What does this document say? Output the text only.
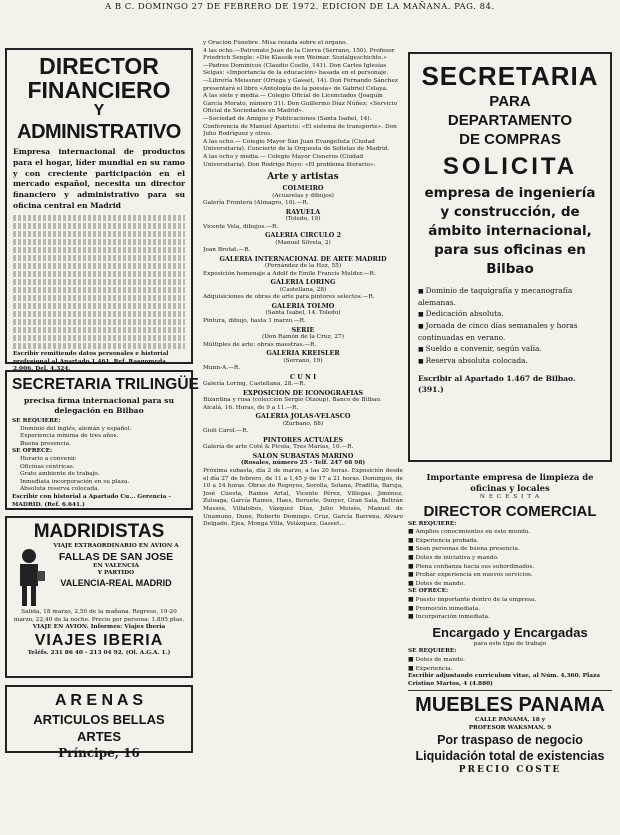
A B C. DOMINGO 27 DE FEBRERO DE 1972. EDICION DE LA MAÑANA. PAG. 84.
DIRECTOR
FINANCIERO
Y
ADMINISTRATIVO
Empresa internacional de productos para el hogar, líder mundial en su ramo y con creciente participación en el mercado español, necesita un director financiero y administrativo para su oficina central en Madrid
Escribir remitiendo datos personales e historial profesional al Apartado 1.461. Ref. Rasgomeda 2.006. Del. 4.324.
SECRETARIA TRILINGÜE
precisa firma internacional para su delegación en Bilbao
SE REQUIERE:
Dominio del inglés, alemán y español.
Experiencia mínima de tres años.
Buena presencia.
SE OFRECE:
Horario a convenir.
Oficinas céntricas.
Grato ambiente de trabajo.
Inmediata incorporación en su plaza.
Absoluta reserva colocada.
Escribir con historial a Apartado Cu... Gerencia - MADRID. (Ref. 6.641.)
MADRIDISTAS
VIAJE EXTRAORDINARIO EN AVION A
FALLAS DE SAN JOSE
EN VALENCIA
Y PARTIDO
VALENCIA-REAL MADRID
Salida, 18 marzo, 2,50 de la mañana. Regreso, 19-20 marzo, 22,40 de la noche. Precio por persona: 1.895 ptas.
VIAJE EN AVION. Informes: Viajes Iberia
VIAJES IBERIA
Teléfs. 231 86 40 - 213 04 92. (Ol. A.G.A. 1.)
A R E N A S
ARTICULOS BELLAS ARTES
Príncipe, 16
y Oración Fúnebre. Misa rezada sobre el órgano.
4 las ocho.—Patronato Juan de la Cierva (Serrano, 150). Profesor Friedrich Sengle: «Die Klassik von Weimar. Sozialgeschichte.»
—Padres Dominicos (Claudio Coello, 141). Don Carlos Iglesias Selgas: «Importancia de la educación» basada en el personaje.
—Librería Meissner (Ortega y Gasset, 14). Don Fernando Sánchez presentará el libro «Antología de la poesía» de Gabriel Celaya.
A las siete y media.— Colegio Oficial de Licenciados (Joaquín García Morato, número 31). Don Guillermo Díaz Núñez: «Servicio Oficial de Sociedades en Madrid».
—Sociedad de Amigos y Publicaciones (Santa Isabel, 14). Conferencia de Manuel Aparicio: «El sistema de transporte». Don Julio Rodríguez y otros.
A las ocho.— Colegio Mayor San Juan Evangelista (Ciudad Universitaria). Concierto de la Orquesta de Solistas de Madrid.
A las ocho y media.— Colegio Mayor Cisneros (Ciudad Universitaria). Don Rodrigo Royo: «El problema literario».
Arte y artistas
COLMEIRO
(Acuarelas y dibujos)
Galería Frontera (Almagro, 10).—R.
RAYUELA
(Toledo, 19)
Vicente Vela, dibujos.—R.
GALERIA CIRCULO 2
(Manuel Silvela, 2)
Joan Brotat.—R.
GALERIA INTERNACIONAL DE ARTE MADRID
(Fernández de la Hoz, 55)
Exposición homenaje a Adolf de Emile Francis Mulder.—R.
GALERIA LORING
(Castellana, 28)
Adquisiciones de obras de arte para pintores selectos.—R.
GALERIA TOLMO
(Santa Isabel, 14. Toledo)
Pintura, dibujo, hasta 1 marzo.—R.
SERIE
(Don Ramón de la Cruz, 27)
Múltiples de arte: obras maestras.—R.
GALERIA KREISLER
(Serrano, 19)
Munn-A.—R.
C U N I
Galería Loring, Castellana, 28.—R.
EXPOSICION DE ICONOGRAFIAS
Bizantina y rusa (colección Sergio Otzoup). Banco de Bilbao. Alcalá, 16. Horas, de 9 a 11.—R.
GALERIA JOLAS-VELASCO
(Zurbano, 88)
Gioli Carol.—R.
PINTORES ACTUALES
Galería de arte Coté & Picola, Tres Marías, 10.—R.
SALON SUBASTAS MARINO
(Rosales, número 25 - Telf. 247 68 98)
Próxima subasta, día 2 de marzo, a las 20 horas. Exposición desde el día 27 de febrero, de 11 a 1,45 y de 17 a 21 horas. Domingos, de 10 a 14 horas. Obras de Regoyos, Sorolla, Solana, Pradilla, Baroja, José Cuesta, Ramos Artal, Vicente Pérez, Villegas, Jiménez, Zuloaga, García Ramos, Haes, Beruete, Sunyer, Gran Sala, Beltrán Masses, Villalobos, Vázquez Díaz, Julio Moisés, Manuel de Unamuno, Dune, Roberto Domingo, Cruz, García Barrena, Alvaro Delgado, Ejea, Monga Villa, Velázquez, Gasset...
SECRETARIA
PARA
DEPARTAMENTO
DE COMPRAS
SOLICITA
empresa de ingeniería y construcción, de ámbito internacional, para sus oficinas en Bilbao
■ Dominio de taquigrafía y mecanografía alemanas.
■ Dedicación absoluta.
■ Jornada de cinco días semanales y horas continuadas en verano.
■ Sueldo a convenir, según valía.
■ Reserva absoluta colocada.
Escribir al Apartado 1.467 de Bilbao. (391.)
Importante empresa de limpieza de oficinas y locales
N E C E S I T A
DIRECTOR COMERCIAL
SE REQUIERE:
■ Amplios conocimientos en este mundo.
■ Experiencia probada.
■ Sean personas de buena presencia.
■ Dotes de iniciativa y mando.
■ Plena confianza hacia sus subordinados.
■ Probar experiencia en nuevos servicios.
■ Dotes de mando.
SE OFRECE:
■ Puesto importante dentro de la empresa.
■ Promoción inmediata.
■ Incorporación inmediata.
Encargado y Encargadas
para este tipo de trabajo
SE REQUIERE:
■ Dotes de mando.
■ Experiencia.
Escribir adjuntando curriculum vitae, al Núm. 4.360. Plaza Cristino Martos, 4 (4.880)
MUEBLES PANAMA
CALLE PANAMA, 18 y
PROFESOR WAKSMAN, 9
Por traspaso de negocio
Liquidación total de existencias
PRECIO COSTE
